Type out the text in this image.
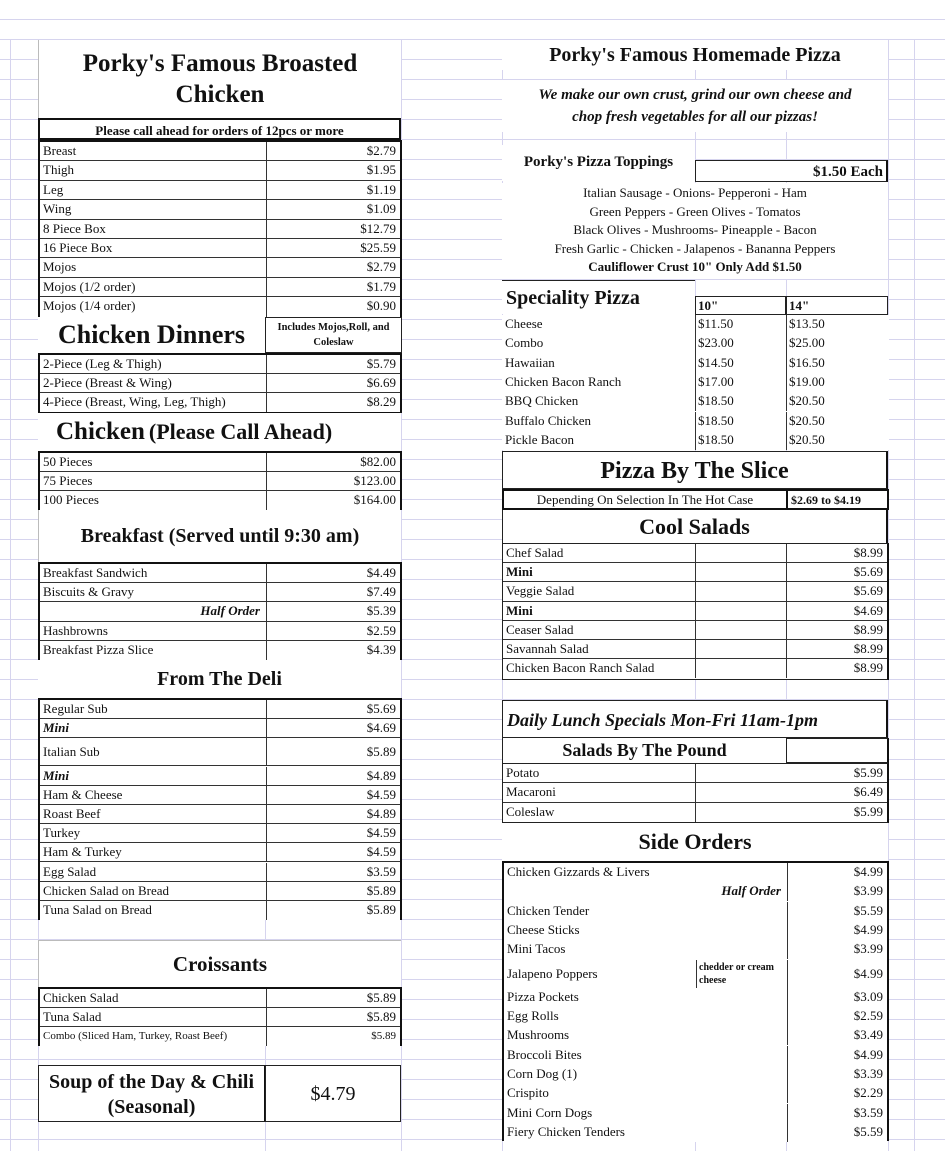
Porky's Famous Broasted
Chicken
Please call ahead for orders of 12pcs or more
Breast	$2.79
Thigh	$1.95
Leg	$1.19
Wing	$1.09
8 Piece Box	$12.79
16 Piece Box	$25.59
Mojos	$2.79
Mojos (1/2 order)	$1.79
Mojos (1/4 order)	$0.90
Chicken Dinners	Includes Mojos,Roll, and
Coleslaw
2-Piece (Leg & Thigh)	$5.79
2-Piece (Breast & Wing)	$6.69
4-Piece (Breast, Wing, Leg, Thigh)	$8.29
Chicken (Please Call Ahead)
50 Pieces	$82.00
75 Pieces	$123.00
100 Pieces	$164.00
Breakfast (Served until 9:30 am)
Breakfast Sandwich	$4.49
Biscuits & Gravy	$7.49
Half Order	$5.39
Hashbrowns	$2.59
Breakfast Pizza Slice	$4.39
From The Deli
Regular Sub	$5.69
Mini	$4.69
Italian Sub	$5.89
Mini	$4.89
Ham & Cheese	$4.59
Roast Beef	$4.89
Turkey	$4.59
Ham & Turkey	$4.59
Egg Salad	$3.59
Chicken Salad on Bread	$5.89
Tuna Salad on Bread	$5.89
Croissants
Chicken Salad	$5.89
Tuna Salad	$5.89
Combo (Sliced Ham, Turkey, Roast Beef)	$5.89
Soup of the Day & Chili
(Seasonal)
$4.79
Porky's Famous Homemade Pizza
We make our own crust, grind our own cheese and
chop fresh vegetables for all our pizzas!
Porky's Pizza Toppings
$1.50 Each
Italian Sausage - Onions- Pepperoni - Ham
Green Peppers - Green Olives - Tomatos
Black Olives - Mushrooms- Pineapple - Bacon
Fresh Garlic - Chicken - Jalapenos - Bananna Peppers
Cauliflower Crust 10" Only Add $1.50
Speciality Pizza	10"	14"
Cheese	$11.50	$13.50
Combo	$23.00	$25.00
Hawaiian	$14.50	$16.50
Chicken Bacon Ranch	$17.00	$19.00
BBQ Chicken	$18.50	$20.50
Buffalo Chicken	$18.50	$20.50
Pickle Bacon	$18.50	$20.50
Pizza By The Slice
Depending On Selection In The Hot Case	$2.69 to $4.19
Cool Salads
Chef Salad	$8.99
Mini	$5.69
Veggie Salad	$5.69
Mini	$4.69
Ceaser Salad	$8.99
Savannah Salad	$8.99
Chicken Bacon Ranch Salad	$8.99
Daily Lunch Specials Mon-Fri 11am-1pm
Salads By The Pound
Potato	$5.99
Macaroni	$6.49
Coleslaw	$5.99
Side Orders
Chicken Gizzards & Livers	$4.99
Half Order	$3.99
Chicken Tender	$5.59
Cheese Sticks	$4.99
Mini Tacos	$3.99
Jalapeno Poppers	$4.99
chedder or cream
cheese
Pizza Pockets	$3.09
Egg Rolls	$2.59
Mushrooms	$3.49
Broccoli Bites	$4.99
Corn Dog (1)	$3.39
Crispito	$2.29
Mini Corn Dogs	$3.59
Fiery Chicken Tenders	$5.59
